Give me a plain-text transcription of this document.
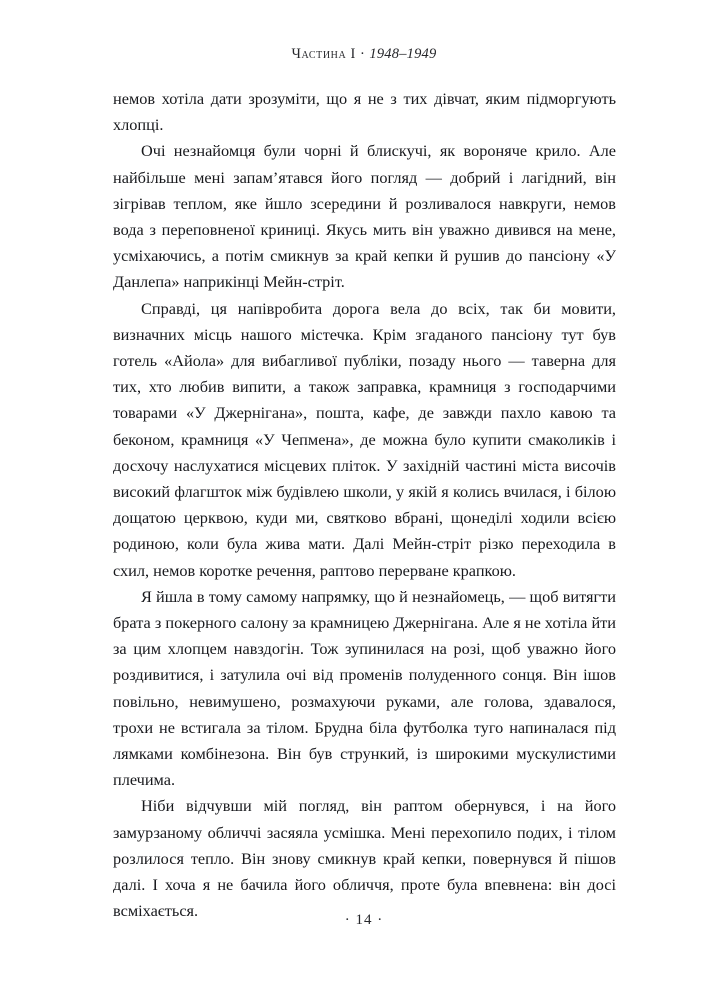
Частина I · 1948–1949

немов хотіла дати зрозуміти, що я не з тих дівчат, яким підморгують хлопці.

Очі незнайомця були чорні й блискучі, як вороняче крило. Але найбільше мені запам’ятався його погляд — добрий і лагідний, він зігрівав теплом, яке йшло зсередини й розливалося навкруги, немов вода з переповненої криниці. Якусь мить він уважно дивився на мене, усміхаючись, а потім смикнув за край кепки й рушив до пансіону «У Данлепа» наприкінці Мейн-стріт.

Справді, ця напівробита дорога вела до всіх, так би мовити, визначних місць нашого містечка. Крім згаданого пансіону тут був готель «Айола» для вибагливої публіки, позаду нього — таверна для тих, хто любив випити, а також заправка, крамниця з господарчими товарами «У Джернігана», пошта, кафе, де завжди пахло кавою та беконом, крамниця «У Чепмена», де можна було купити смаколиків і досхочу наслухатися місцевих пліток. У західній частині міста височів високий флагшток між будівлею школи, у якій я колись вчилася, і білою дощатою церквою, куди ми, святково вбрані, щонеділі ходили всією родиною, коли була жива мати. Далі Мейн-стріт різко переходила в схил, немов коротке речення, раптово перерване крапкою.

Я йшла в тому самому напрямку, що й незнайомець, — щоб витягти брата з покерного салону за крамницею Джернігана. Але я не хотіла йти за цим хлопцем навздогін. Тож зупинилася на розі, щоб уважно його роздивитися, і затулила очі від променів полуденного сонця. Він ішов повільно, невимушено, розмахуючи руками, але голова, здавалося, трохи не встигала за тілом. Брудна біла футболка туго напиналася під лямками комбінезона. Він був стрункий, із широкими мускулистими плечима.

Ніби відчувши мій погляд, він раптом обернувся, і на його замурзаному обличчі засяяла усмішка. Мені перехопило подих, і тілом розлилося тепло. Він знову смикнув край кепки, повернувся й пішов далі. І хоча я не бачила його обличчя, проте була впевнена: він досі всміхається.	· 14 ·
